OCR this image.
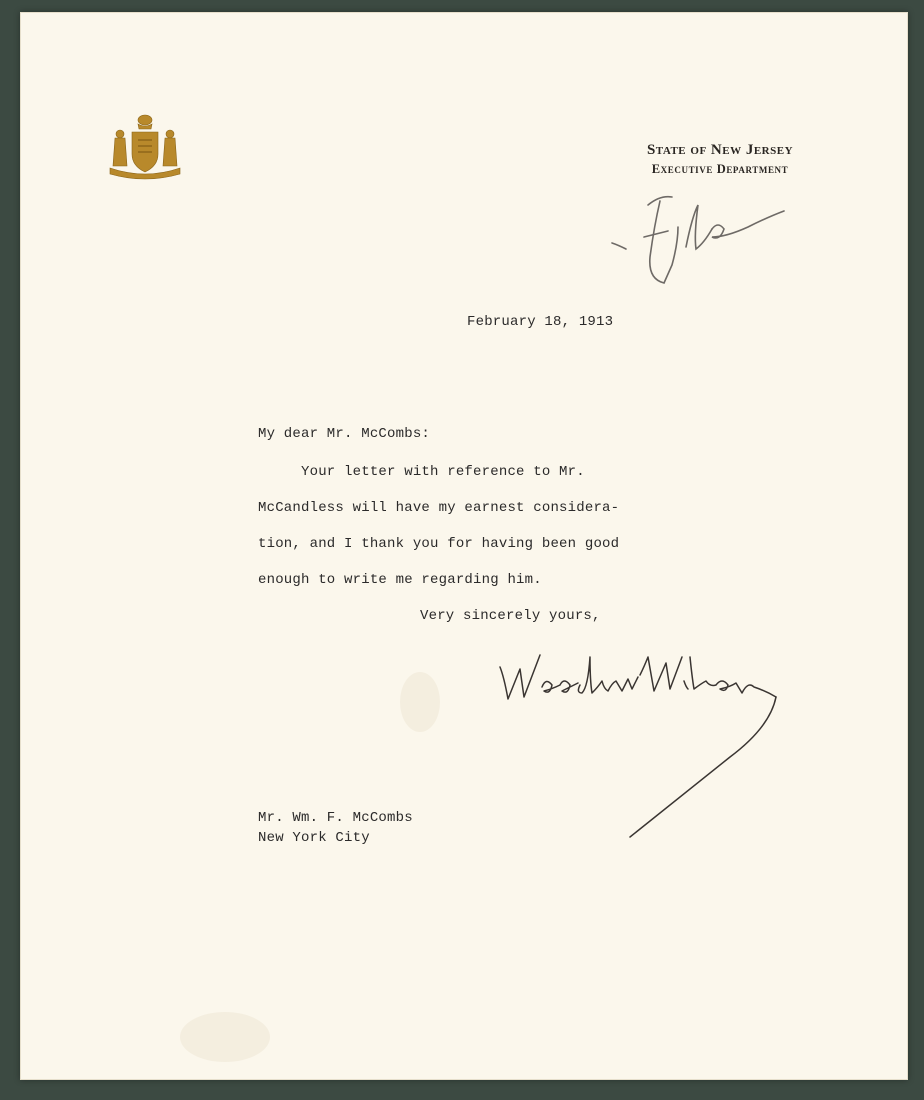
State of New Jersey
Executive Department
February 18, 1913
My dear Mr. McCombs:
Your letter with reference to Mr.
McCandless will have my earnest considera-
tion, and I thank you for having been good
enough to write me regarding him.
Very sincerely yours,
Mr. Wm. F. McCombs
New York City
